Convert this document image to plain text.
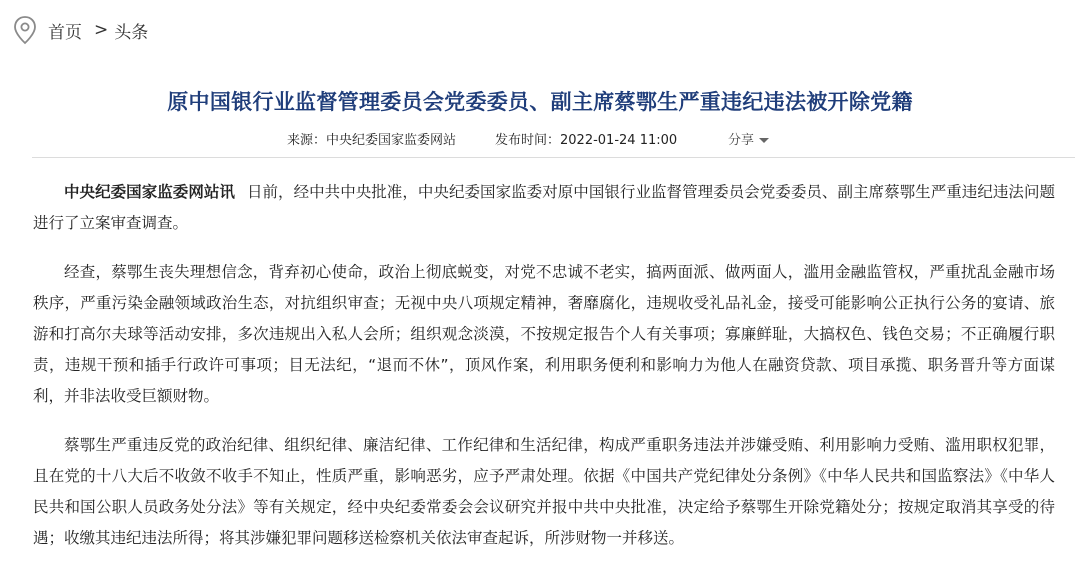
首页 > 头条
原中国银行业监督管理委员会党委委员、副主席蔡鄂生严重违纪违法被开除党籍
来源：中央纪委国家监委网站	发布时间：2022-01-24 11:00	分享

中央纪委国家监委网站讯 日前，经中共中央批准，中央纪委国家监委对原中国银行业监督管理委员会党委委员、副主席蔡鄂生严重违纪违法问题进行了立案审查调查。

经查，蔡鄂生丧失理想信念，背弃初心使命，政治上彻底蜕变，对党不忠诚不老实，搞两面派、做两面人，滥用金融监管权，严重扰乱金融市场秩序，严重污染金融领域政治生态，对抗组织审查；无视中央八项规定精神，奢靡腐化，违规收受礼品礼金，接受可能影响公正执行公务的宴请、旅游和打高尔夫球等活动安排，多次违规出入私人会所；组织观念淡漠，不按规定报告个人有关事项；寡廉鲜耻，大搞权色、钱色交易；不正确履行职责，违规干预和插手行政许可事项；目无法纪，“退而不休”，顶风作案，利用职务便利和影响力为他人在融资贷款、项目承揽、职务晋升等方面谋利，并非法收受巨额财物。

蔡鄂生严重违反党的政治纪律、组织纪律、廉洁纪律、工作纪律和生活纪律，构成严重职务违法并涉嫌受贿、利用影响力受贿、滥用职权犯罪，且在党的十八大后不收敛不收手不知止，性质严重，影响恶劣，应予严肃处理。依据《中国共产党纪律处分条例》《中华人民共和国监察法》《中华人民共和国公职人员政务处分法》等有关规定，经中央纪委常委会会议研究并报中共中央批准，决定给予蔡鄂生开除党籍处分；按规定取消其享受的待遇；收缴其违纪违法所得；将其涉嫌犯罪问题移送检察机关依法审查起诉，所涉财物一并移送。
